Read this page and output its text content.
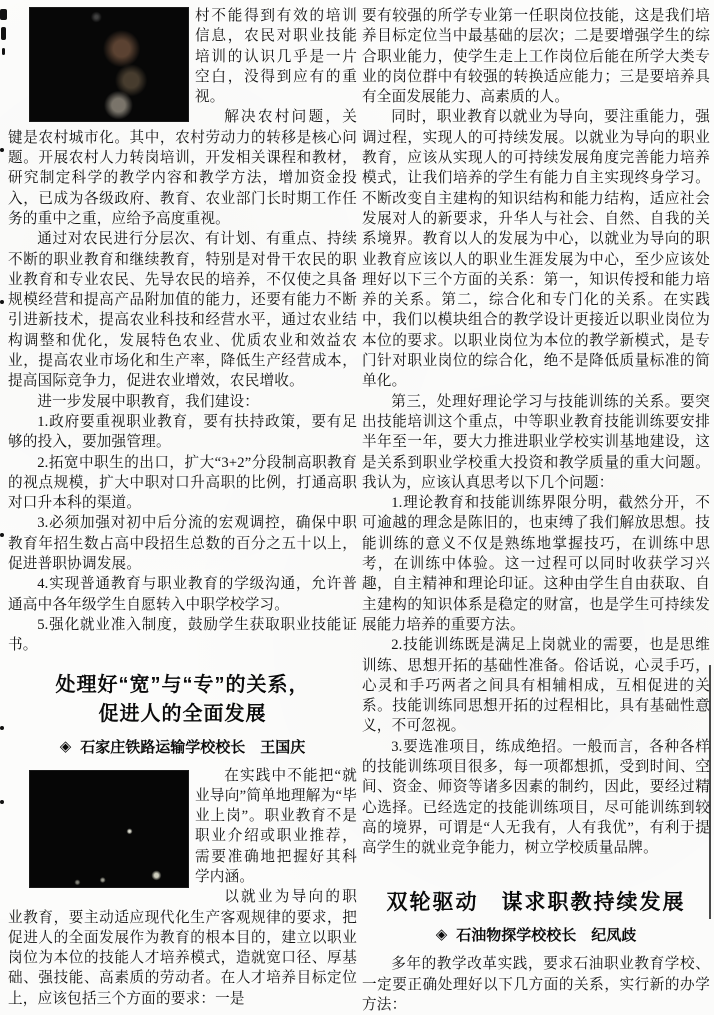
村不能得到有效的培训信息，农民对职业技能培训的认识几乎是一片空白，没得到应有的重视。

解决农村问题，关键是农村城市化。其中，农村劳动力的转移是核心问题。开展农村人力转岗培训，开发相关课程和教材，研究制定科学的教学内容和教学方法，增加资金投入，已成为各级政府、教育、农业部门长时期工作任务的重中之重，应给予高度重视。

通过对农民进行分层次、有计划、有重点、持续不断的职业教育和继续教育，特别是对骨干农民的职业教育和专业农民、先导农民的培养，不仅使之具备规模经营和提高产品附加值的能力，还要有能力不断引进新技术，提高农业科技和经营水平，通过农业结构调整和优化，发展特色农业、优质农业和效益农业，提高农业市场化和生产率，降低生产经营成本，提高国际竞争力，促进农业增效，农民增收。

进一步发展中职教育，我们建设：

1.政府要重视职业教育，要有扶持政策，要有足够的投入，要加强管理。

2.拓宽中职生的出口，扩大“3+2”分段制高职教育的视点规模，扩大中职对口升高职的比例，打通高职对口升本科的渠道。

3.必须加强对初中后分流的宏观调控，确保中职教育年招生数占高中段招生总数的百分之五十以上，促进普职协调发展。

4.实现普通教育与职业教育的学级沟通，允许普通高中各年级学生自愿转入中职学校学习。

5.强化就业准入制度，鼓励学生获取职业技能证书。

处理好“宽”与“专”的关系，
促进人的全面发展
◈ 石家庄铁路运输学校校长　王国庆

在实践中不能把“就业导向”简单地理解为“毕业上岗”。职业教育不是职业介绍或职业推荐，需要准确地把握好其科学内涵。

以就业为导向的职业教育，要主动适应现代化生产客观规律的要求，把促进人的全面发展作为教育的根本目的，建立以职业岗位为本位的技能人才培养模式，造就宽口径、厚基础、强技能、高素质的劳动者。在人才培养目标定位上，应该包括三个方面的要求：一是

要有较强的所学专业第一任职岗位技能，这是我们培养目标定位当中最基础的层次；二是要增强学生的综合职业能力，使学生走上工作岗位后能在所学大类专业的岗位群中有较强的转换适应能力；三是要培养具有全面发展能力、高素质的人。

同时，职业教育以就业为导向，要注重能力，强调过程，实现人的可持续发展。以就业为导向的职业教育，应该从实现人的可持续发展角度完善能力培养模式，让我们培养的学生有能力自主实现终身学习。不断改变自主建构的知识结构和能力结构，适应社会发展对人的新要求，升华人与社会、自然、自我的关系境界。教育以人的发展为中心，以就业为导向的职业教育应该以人的职业生涯发展为中心，至少应该处理好以下三个方面的关系：第一，知识传授和能力培养的关系。第二，综合化和专门化的关系。在实践中，我们以模块组合的教学设计更接近以职业岗位为本位的要求。以职业岗位为本位的教学新模式，是专门针对职业岗位的综合化，绝不是降低质量标准的简单化。

第三，处理好理论学习与技能训练的关系。要突出技能培训这个重点，中等职业教育技能训练要安排半年至一年，要大力推进职业学校实训基地建设，这是关系到职业学校重大投资和教学质量的重大问题。我认为，应该认真思考以下几个问题：

1.理论教育和技能训练界限分明，截然分开，不可逾越的理念是陈旧的，也束缚了我们解放思想。技能训练的意义不仅是熟练地掌握技巧，在训练中思考，在训练中体验。这一过程可以同时收获学习兴趣，自主精神和理论印证。这种由学生自由获取、自主建构的知识体系是稳定的财富，也是学生可持续发展能力培养的重要方法。

2.技能训练既是满足上岗就业的需要，也是思维训练、思想开拓的基础性准备。俗话说，心灵手巧，心灵和手巧两者之间具有相辅相成，互相促进的关系。技能训练同思想开拓的过程相比，具有基础性意义，不可忽视。

3.要选准项目，练成绝招。一般而言，各种各样的技能训练项目很多，每一项都想抓，受到时间、空间、资金、师资等诸多因素的制约，因此，要经过精心选择。已经选定的技能训练项目，尽可能训练到较高的境界，可谓是“人无我有，人有我优”，有利于提高学生的就业竞争能力，树立学校质量品牌。

双轮驱动　谋求职教持续发展
◈ 石油物探学校校长　纪凤歧

多年的教学改革实践，要求石油职业教育学校、一定要正确处理好以下几方面的关系，实行新的办学方法：
